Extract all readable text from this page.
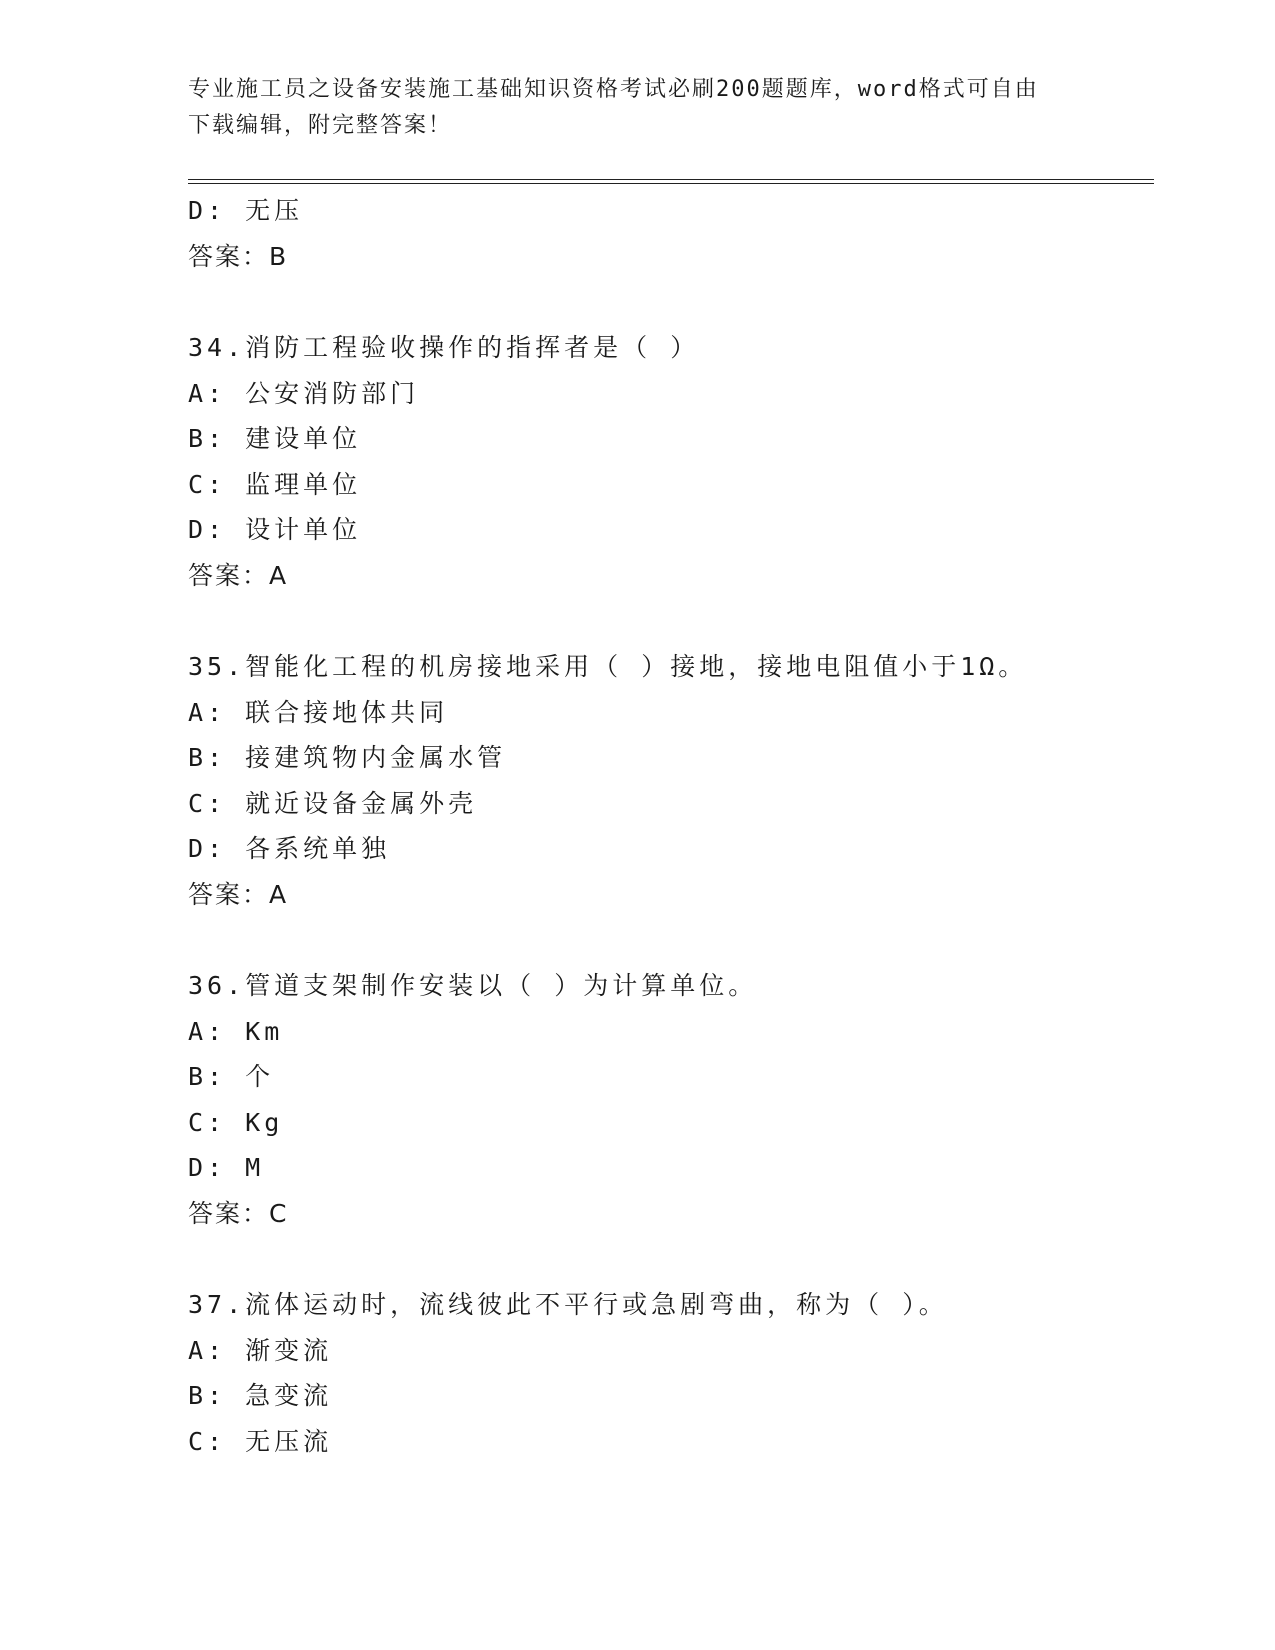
专业施工员之设备安装施工基础知识资格考试必刷200题题库，word格式可自由
下载编辑，附完整答案！
D: 无压
答案：B
34.消防工程验收操作的指挥者是（ ）
A: 公安消防部门
B: 建设单位
C: 监理单位
D: 设计单位
答案：A
35.智能化工程的机房接地采用（ ）接地，接地电阻值小于1Ω。
A: 联合接地体共同
B: 接建筑物内金属水管
C: 就近设备金属外壳
D: 各系统单独
答案：A
36.管道支架制作安装以（ ）为计算单位。
A: Km
B: 个
C: Kg
D: M
答案：C
37.流体运动时，流线彼此不平行或急剧弯曲，称为（ ）。
A: 渐变流
B: 急变流
C: 无压流
